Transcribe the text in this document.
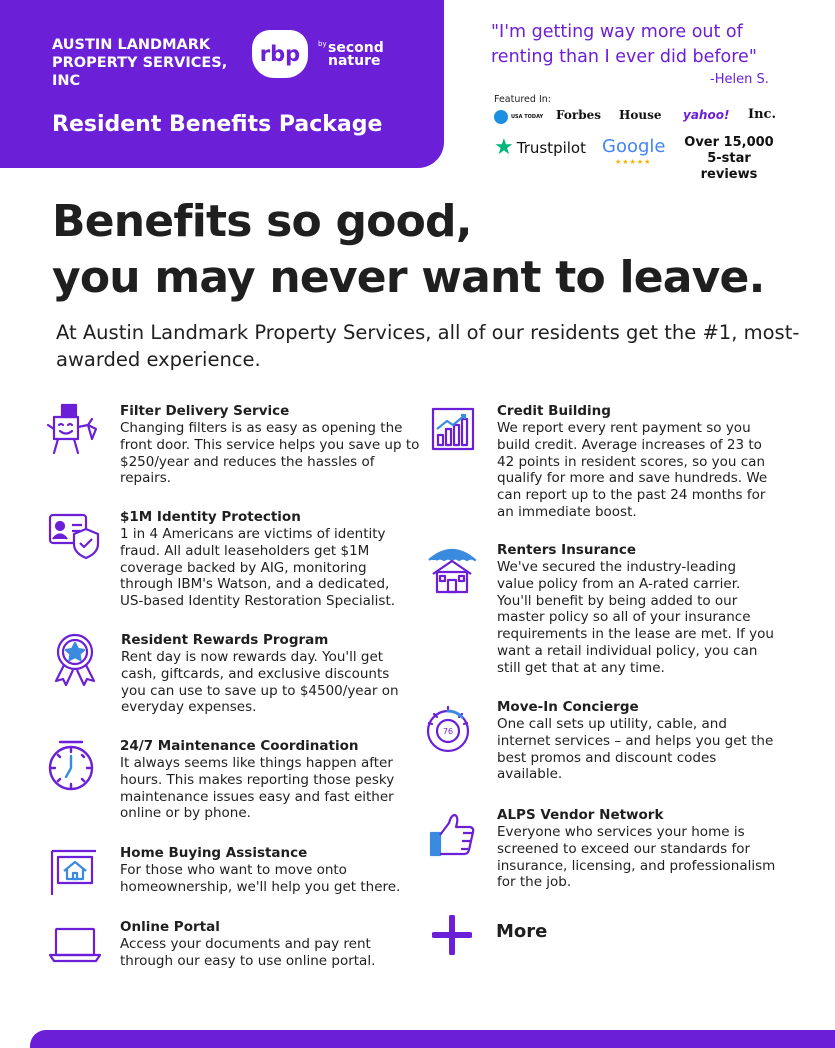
AUSTIN LANDMARK PROPERTY SERVICES, INC
rbp	by second nature
Resident Benefits Package
"I'm getting way more out of renting than I ever did before"
-Helen S.
Featured In:
USA TODAY Forbes House yahoo! Inc.
★ Trustpilot Google
★★★★★
Over 15,000 5-star reviews
Benefits so good,
you may never want to leave.
At Austin Landmark Property Services, all of our residents get the #1, most-awarded experience.
Filter Delivery Service
Changing filters is as easy as opening the front door. This service helps you save up to $250/year and reduces the hassles of repairs.
$1M Identity Protection
1 in 4 Americans are victims of identity fraud. All adult leaseholders get $1M coverage backed by AIG, monitoring through IBM's Watson, and a dedicated, US-based Identity Restoration Specialist.
Resident Rewards Program
Rent day is now rewards day. You'll get cash, giftcards, and exclusive discounts you can use to save up to $4500/year on everyday expenses.
24/7 Maintenance Coordination
It always seems like things happen after hours. This makes reporting those pesky maintenance issues easy and fast either online or by phone.
Home Buying Assistance
For those who want to move onto homeownership, we'll help you get there.
Online Portal
Access your documents and pay rent through our easy to use online portal.
Credit Building
We report every rent payment so you build credit. Average increases of 23 to 42 points in resident scores, so you can qualify for more and save hundreds. We can report up to the past 24 months for an immediate boost.
Renters Insurance
We've secured the industry-leading value policy from an A-rated carrier. You'll benefit by being added to our master policy so all of your insurance requirements in the lease are met. If you want a retail individual policy, you can still get that at any time.
76
Move-In Concierge
One call sets up utility, cable, and internet services – and helps you get the best promos and discount codes available.
ALPS Vendor Network
Everyone who services your home is screened to exceed our standards for insurance, licensing, and professionalism for the job.
More
